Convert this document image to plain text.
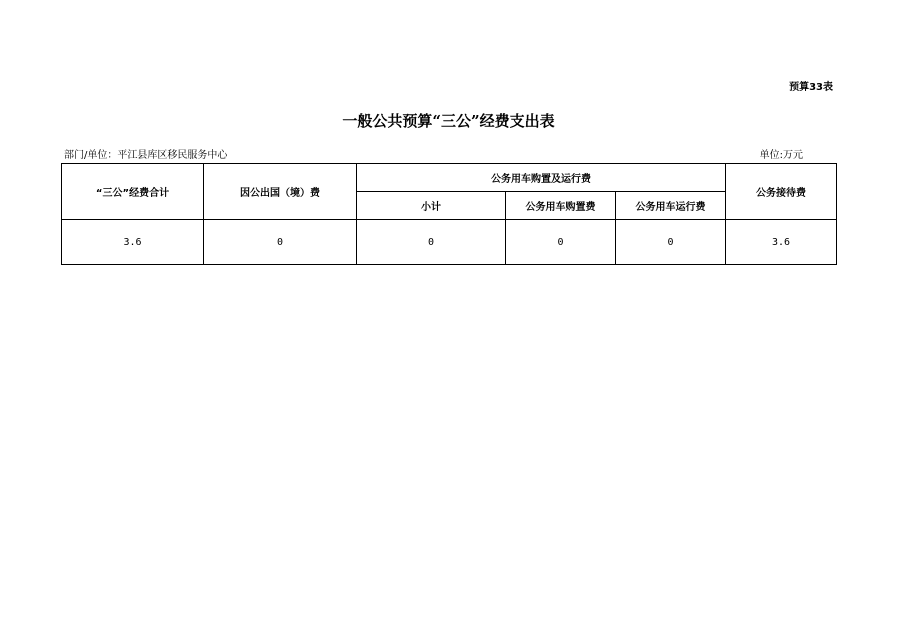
预算33表
一般公共预算“三公”经费支出表
部门/单位：平江县库区移民服务中心	单位:万元
“三公”经费合计	因公出国（境）费	公务用车购置及运行费			公务接待费
		小计	公务用车购置费	公务用车运行费	
3.6	0	0	0	0	3.6
